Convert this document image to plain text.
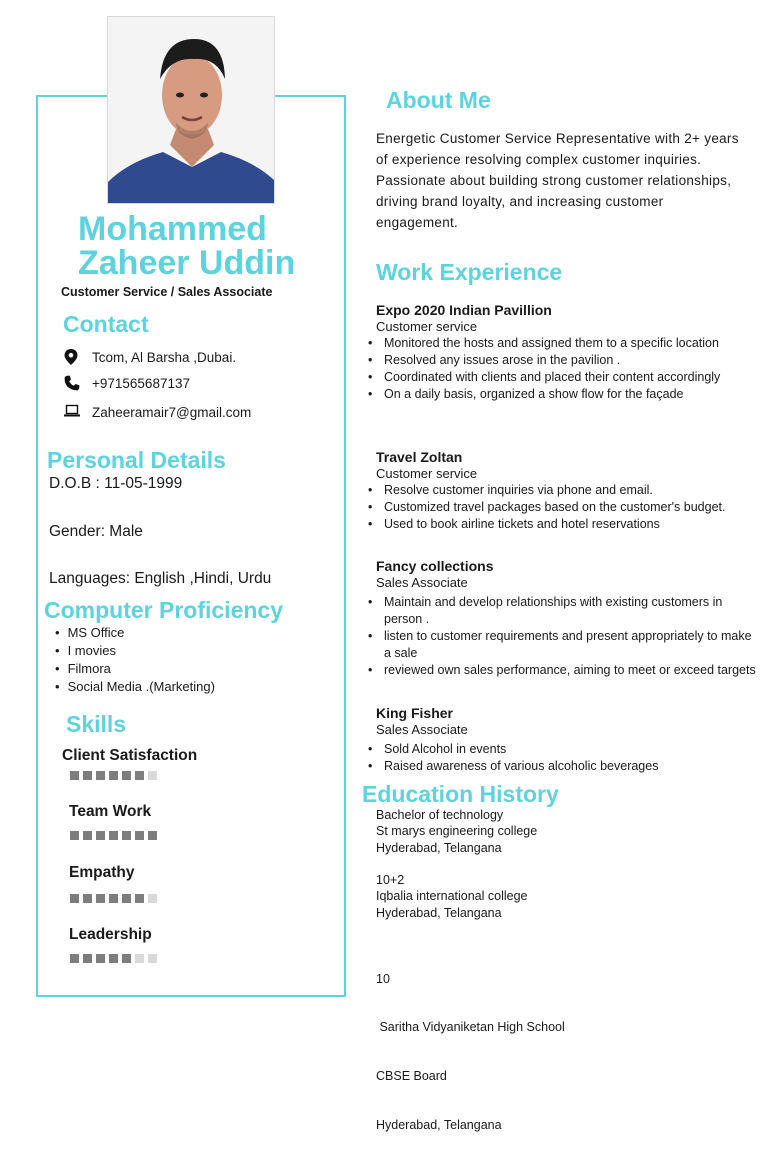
Mohammed
Zaheer Uddin
Customer Service / Sales Associate
Contact
Tcom, Al Barsha ,Dubai.
+971565687137
Zaheeramair7@gmail.com
Personal Details
D.O.B : 11-05-1999
Gender: Male
Languages: English ,Hindi, Urdu
Computer Proficiency
• MS Office
• I movies
• Filmora
• Social Media .(Marketing)
Skills
Client Satisfaction
Team Work
Empathy
Leadership
About Me
Energetic Customer Service Representative with 2+ years of experience resolving complex customer inquiries. Passionate about building strong customer relationships, driving brand loyalty, and increasing customer engagement.
Work Experience
Expo 2020 Indian Pavillion
Customer service
• Monitored the hosts and assigned them to a specific location
• Resolved any issues arose in the pavilion .
• Coordinated with clients and placed their content accordingly
• On a daily basis, organized a show flow for the façade
Travel Zoltan
Customer service
• Resolve customer inquiries via phone and email.
• Customized travel packages based on the customer's budget.
• Used to book airline tickets and hotel reservations
Fancy collections
Sales Associate
• Maintain and develop relationships with existing customers in person .
• listen to customer requirements and present appropriately to make a sale
• reviewed own sales performance, aiming to meet or exceed targets
King Fisher
Sales Associate
• Sold Alcohol in events
• Raised awareness of various alcoholic beverages
Education History
Bachelor of technology
St marys engineering college
Hyderabad, Telangana
10+2
Iqbalia international college
Hyderabad, Telangana

10

Saritha Vidyaniketan High School

CBSE Board

Hyderabad, Telangana
